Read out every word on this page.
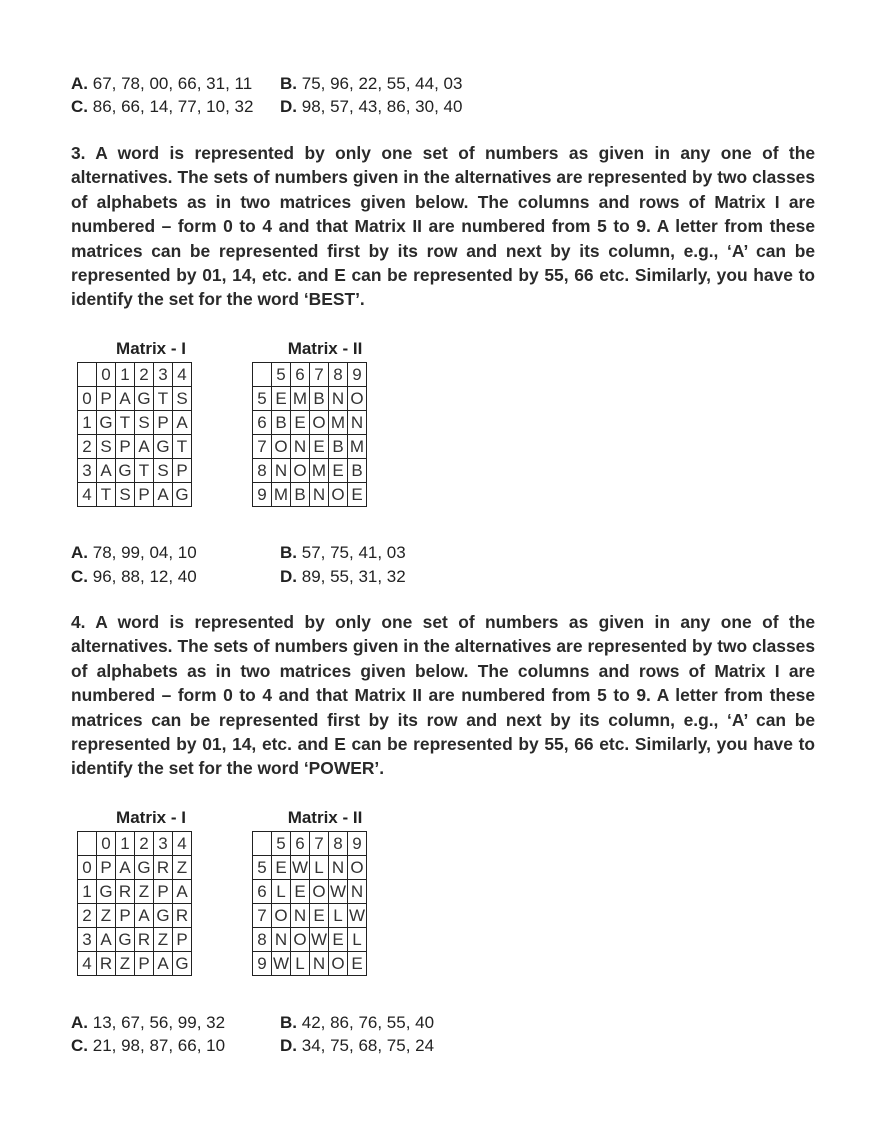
A. 67, 78, 00, 66, 31, 11 B. 75, 96, 22, 55, 44, 03
C. 86, 66, 14, 77, 10, 32 D. 98, 57, 43, 86, 30, 40
3. A word is represented by only one set of numbers as given in any one of the alternatives. The sets of numbers given in the alternatives are represented by two classes of alphabets as in two matrices given below. The columns and rows of Matrix I are numbered – form 0 to 4 and that Matrix II are numbered from 5 to 9. A letter from these matrices can be represented first by its row and next by its column, e.g., ‘A’ can be represented by 01, 14, etc. and E can be represented by 55, 66 etc. Similarly, you have to identify the set for the word ‘BEST’.
Matrix - I
	0	1	2	3	4
0	P	A	G	T	S
1	G	T	S	P	A
2	S	P	A	G	T
3	A	G	T	S	P
4	T	S	P	A	G
Matrix - II
	5	6	7	8	9
5	E	M	B	N	O
6	B	E	O	M	N
7	O	N	E	B	M
8	N	O	M	E	B
9	M	B	N	O	E
A. 78, 99, 04, 10	B. 57, 75, 41, 03
C. 96, 88, 12, 40	D. 89, 55, 31, 32
4. A word is represented by only one set of numbers as given in any one of the alternatives. The sets of numbers given in the alternatives are represented by two classes of alphabets as in two matrices given below. The columns and rows of Matrix I are numbered – form 0 to 4 and that Matrix II are numbered from 5 to 9. A letter from these matrices can be represented first by its row and next by its column, e.g., ‘A’ can be represented by 01, 14, etc. and E can be represented by 55, 66 etc. Similarly, you have to identify the set for the word ‘POWER’.
Matrix - I
	0	1	2	3	4
0	P	A	G	R	Z
1	G	R	Z	P	A
2	Z	P	A	G	R
3	A	G	R	Z	P
4	R	Z	P	A	G
Matrix - II
	5	6	7	8	9
5	E	W	L	N	O
6	L	E	O	W	N
7	O	N	E	L	W
8	N	O	W	E	L
9	W	L	N	O	E
A. 13, 67, 56, 99, 32	B. 42, 86, 76, 55, 40
C. 21, 98, 87, 66, 10	D. 34, 75, 68, 75, 24
